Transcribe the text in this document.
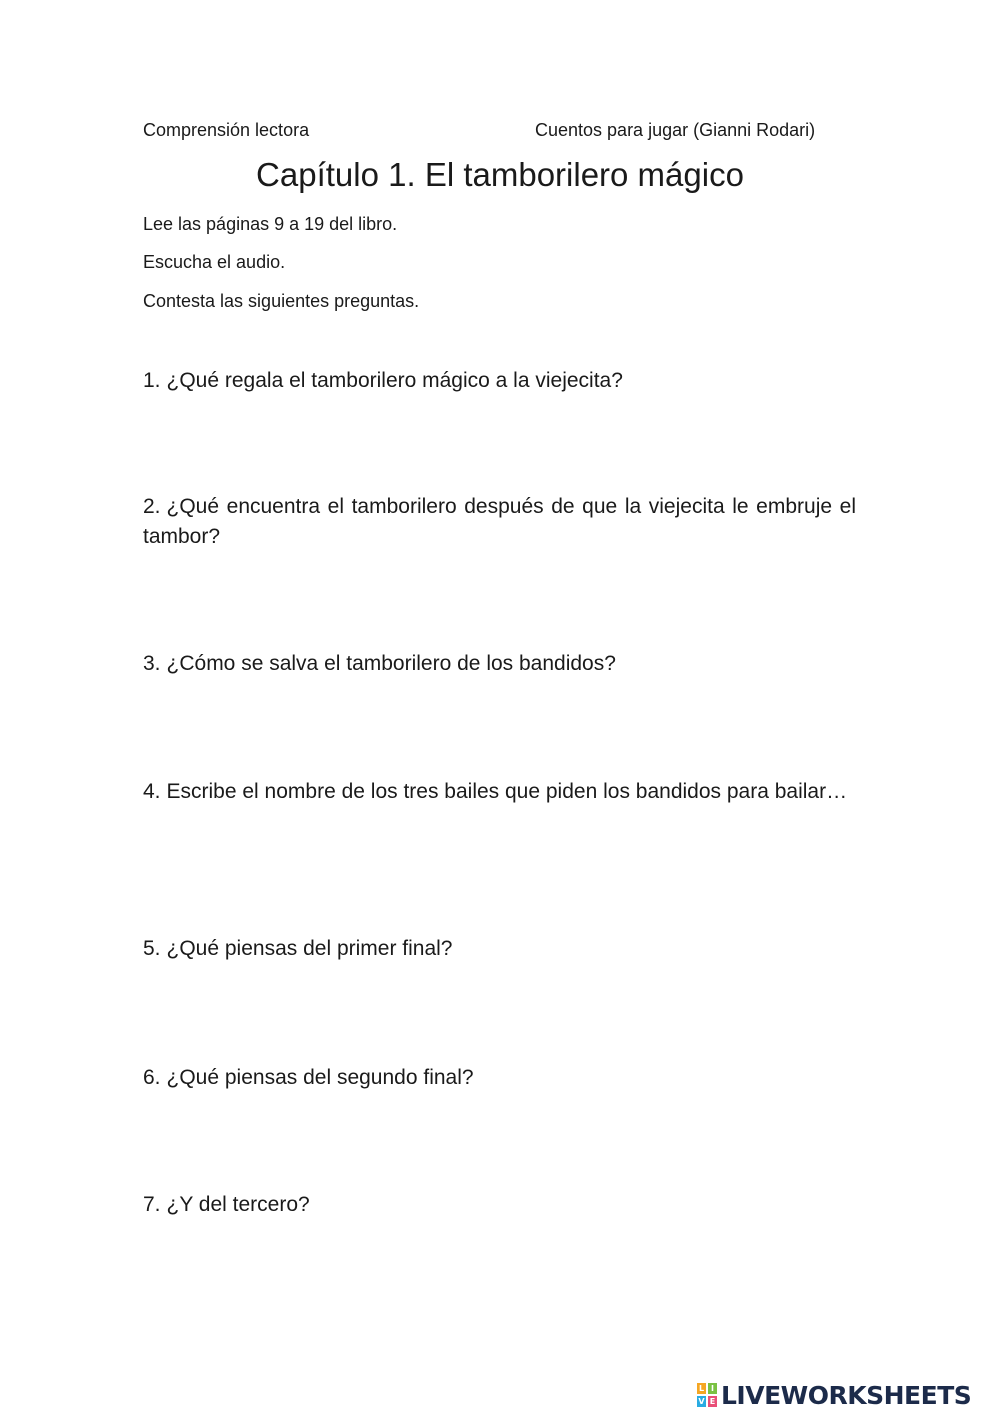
Comprensión lectora	Cuentos para jugar (Gianni Rodari)
Capítulo 1. El tamborilero mágico
Lee las páginas 9 a 19 del libro.
Escucha el audio.
Contesta las siguientes preguntas.
1. ¿Qué regala el tamborilero mágico a la viejecita?
2. ¿Qué encuentra el tamborilero después de que la viejecita le embruje el tambor?
3. ¿Cómo se salva el tamborilero de los bandidos?
4. Escribe el nombre de los tres bailes que piden los bandidos para bailar…
5. ¿Qué piensas del primer final?
6. ¿Qué piensas del segundo final?
7. ¿Y del tercero?
L I
V E LIVEWORKSHEETS
